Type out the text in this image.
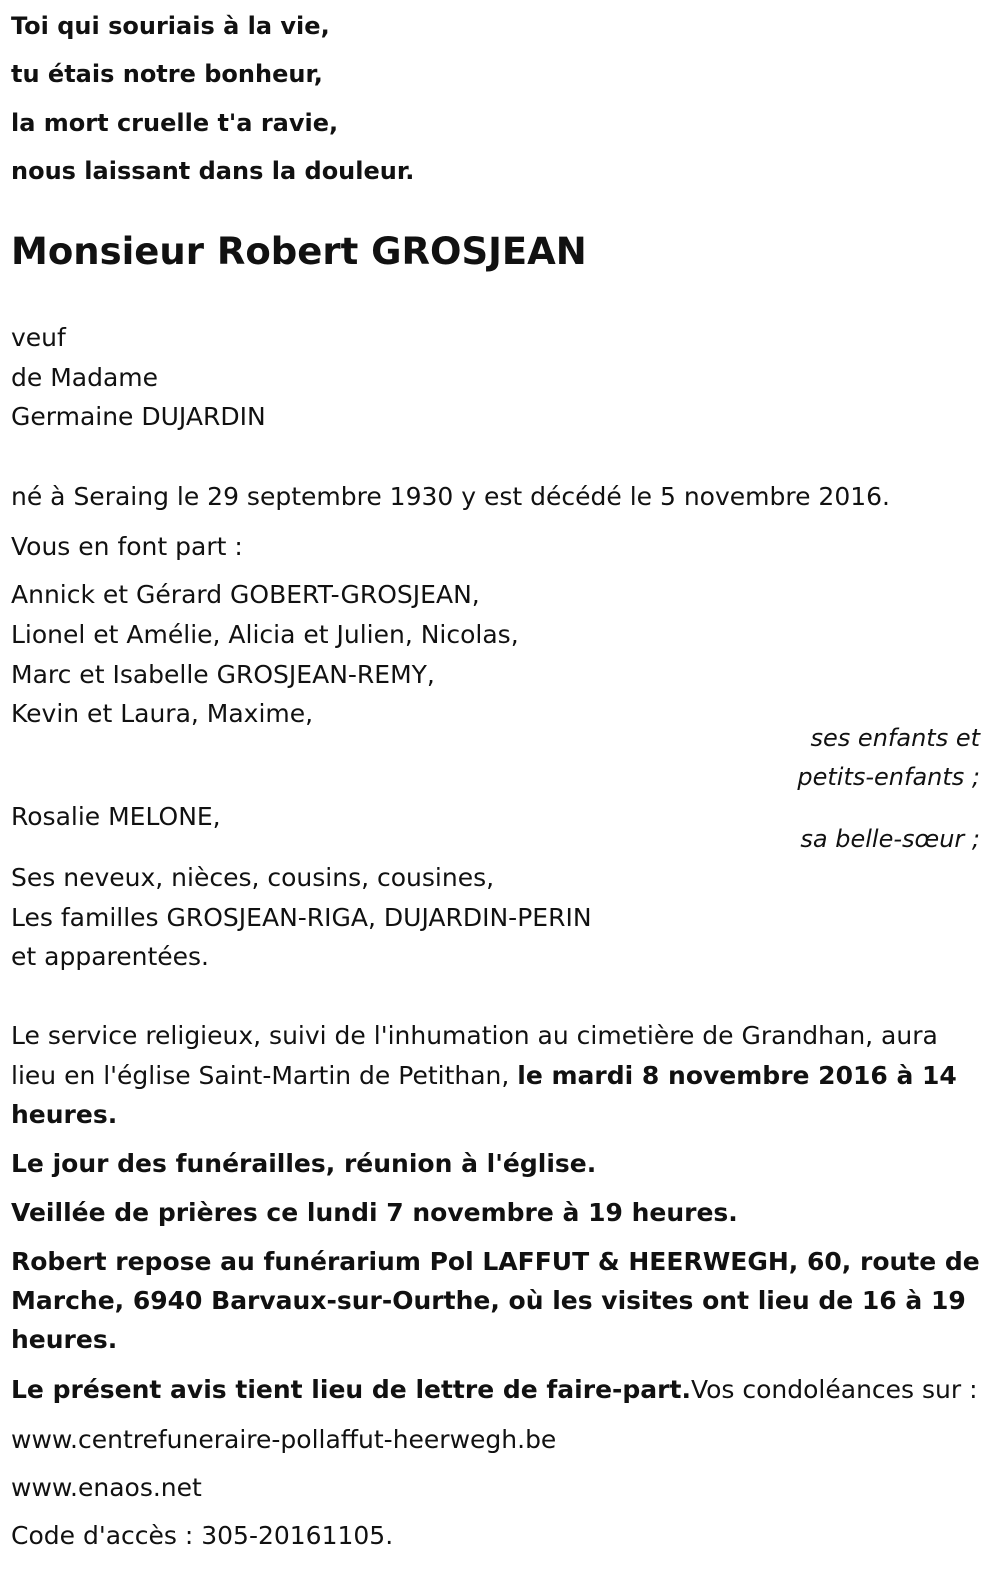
Toi qui souriais à la vie,
tu étais notre bonheur,
la mort cruelle t'a ravie,
nous laissant dans la douleur.
Monsieur Robert GROSJEAN
veuf
de Madame
Germaine DUJARDIN
né à Seraing le 29 septembre 1930 y est décédé le 5 novembre 2016.
Vous en font part :
Annick et Gérard GOBERT-GROSJEAN,
Lionel et Amélie, Alicia et Julien, Nicolas,
Marc et Isabelle GROSJEAN-REMY,
Kevin et Laura, Maxime,
ses enfants et
petits-enfants ;
Rosalie MELONE,
sa belle-sœur ;
Ses neveux, nièces, cousins, cousines,
Les familles GROSJEAN-RIGA, DUJARDIN-PERIN
et apparentées.
Le service religieux, suivi de l'inhumation au cimetière de Grandhan, aura
lieu en l'église Saint-Martin de Petithan, le mardi 8 novembre 2016 à 14
heures.
Le jour des funérailles, réunion à l'église.
Veillée de prières ce lundi 7 novembre à 19 heures.
Robert repose au funérarium Pol LAFFUT & HEERWEGH, 60, route de
Marche, 6940 Barvaux-sur-Ourthe, où les visites ont lieu de 16 à 19
heures.
Le présent avis tient lieu de lettre de faire-part.Vos condoléances sur :
www.centrefuneraire-pollaffut-heerwegh.be
www.enaos.net
Code d'accès : 305-20161105.
